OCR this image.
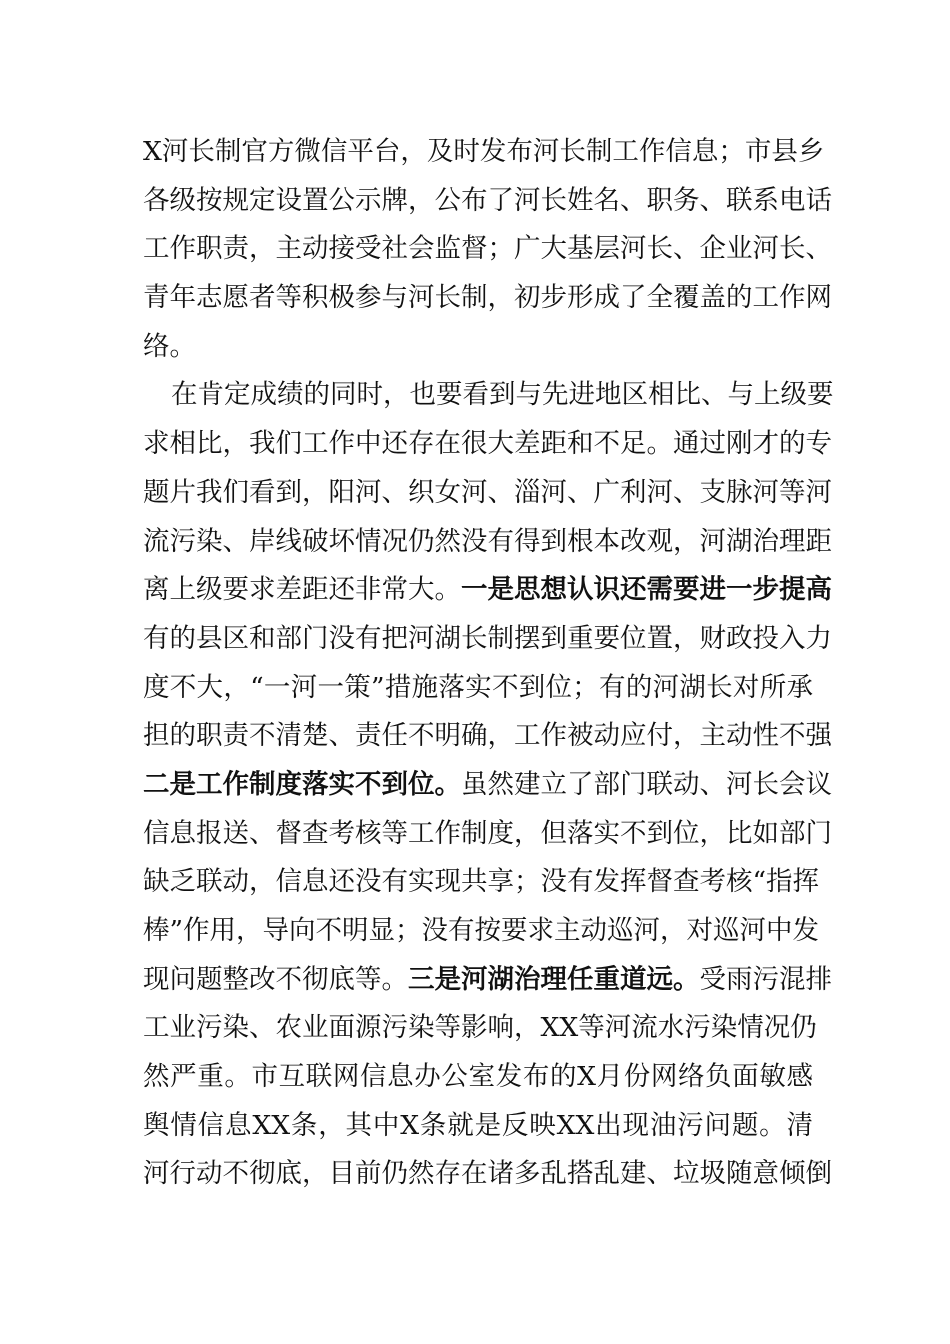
X河长制官方微信平台，及时发布河长制工作信息；市县乡
各级按规定设置公示牌，公布了河长姓名、职务、联系电话
工作职责，主动接受社会监督；广大基层河长、企业河长、
青年志愿者等积极参与河长制，初步形成了全覆盖的工作网
络。
在肯定成绩的同时，也要看到与先进地区相比、与上级要
求相比，我们工作中还存在很大差距和不足。通过刚才的专
题片我们看到，阳河、织女河、淄河、广利河、支脉河等河
流污染、岸线破坏情况仍然没有得到根本改观，河湖治理距
离上级要求差距还非常大。一是思想认识还需要进一步提高
有的县区和部门没有把河湖长制摆到重要位置，财政投入力
度不大，“一河一策”措施落实不到位；有的河湖长对所承
担的职责不清楚、责任不明确，工作被动应付，主动性不强
二是工作制度落实不到位。虽然建立了部门联动、河长会议
信息报送、督查考核等工作制度，但落实不到位，比如部门
缺乏联动，信息还没有实现共享；没有发挥督查考核“指挥
棒”作用，导向不明显；没有按要求主动巡河，对巡河中发
现问题整改不彻底等。三是河湖治理任重道远。受雨污混排
工业污染、农业面源污染等影响，XX等河流水污染情况仍
然严重。市互联网信息办公室发布的X月份网络负面敏感
舆情信息XX条，其中X条就是反映XX出现油污问题。清
河行动不彻底，目前仍然存在诸多乱搭乱建、垃圾随意倾倒
